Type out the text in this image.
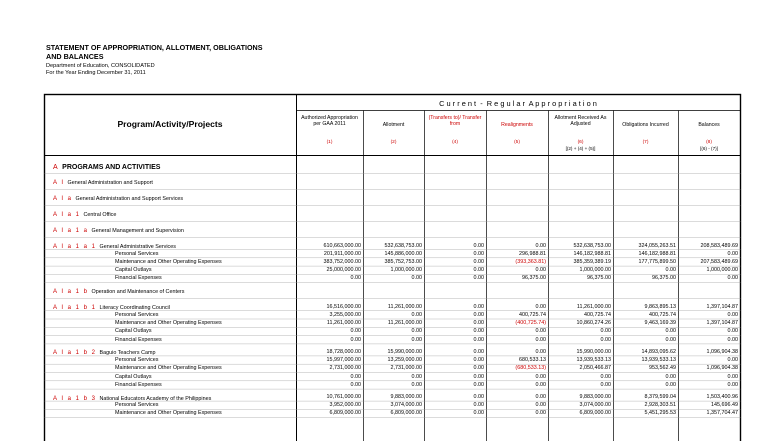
STATEMENT OF APPROPRIATION, ALLOTMENT, OBLIGATIONS
AND BALANCES
Department of Education, CONSOLIDATED
For the Year Ending December 31, 2011
Program/Activity/Projects
C u r r e n t  -  R e g u l a r  A p p r o p r i a t i o n
Authorized Appropriation per GAA 2011
(1)
Allotment
(2)
(Transfers to)/ Transfer from
(4)
Realignments
(5)
Allotment Received As Adjusted
(6)
[(2) + (4) + (5)]
Obligations Incurred
(7)
Balances
(8)
[(6) - (7)]
A PROGRAMS AND ACTIVITIES
A I General Administration and Support
A I a General Administration and Support Services
A I a 1 Central Office
A I a 1 a General Management and Supervision
A I a 1 a 1 General Administrative Services	610,663,000.00	532,638,753.00	0.00	0.00	532,638,753.00	324,055,263.51	208,583,489.69
Personal Services	201,911,000.00	145,886,000.00	0.00	296,988.81	146,182,988.81	146,182,988.81	0.00
Maintenance and Other Operating Expenses	383,752,000.00	385,752,753.00	0.00	(393,363.81)	385,359,389.19	177,775,899.50	207,583,489.69
Capital Outlays	25,000,000.00	1,000,000.00	0.00	0.00	1,000,000.00	0.00	1,000,000.00
Financial Expenses	0.00	0.00	0.00	96,375.00	96,375.00	96,375.00	0.00
A I a 1 b Operation and Maintenance of Centers
A I a 1 b 1 Literacy Coordinating Council	16,516,000.00	11,261,000.00	0.00	0.00	11,261,000.00	9,863,895.13	1,397,104.87
Personal Services	3,255,000.00	0.00	0.00	400,725.74	400,725.74	400,725.74	0.00
Maintenance and Other Operating Expenses	11,261,000.00	11,261,000.00	0.00	(400,725.74)	10,860,274.26	9,463,169.39	1,397,104.87
Capital Outlays	0.00	0.00	0.00	0.00	0.00	0.00	0.00
Financial Expenses	0.00	0.00	0.00	0.00	0.00	0.00	0.00
A I a 1 b 2 Baguio Teachers Camp	18,728,000.00	15,990,000.00	0.00	0.00	15,990,000.00	14,893,095.62	1,096,904.38
Personal Services	15,997,000.00	13,259,000.00	0.00	680,533.13	13,939,533.13	13,939,533.13	0.00
Maintenance and Other Operating Expenses	2,731,000.00	2,731,000.00	0.00	(680,533.13)	2,050,466.87	953,562.49	1,096,904.38
Capital Outlays	0.00	0.00	0.00	0.00	0.00	0.00	0.00
Financial Expenses	0.00	0.00	0.00	0.00	0.00	0.00	0.00
A I a 1 b 3 National Educators Academy of the Philippines	10,761,000.00	9,883,000.00	0.00	0.00	9,883,000.00	8,379,599.04	1,503,400.96
Personal Services	3,952,000.00	3,074,000.00	0.00	0.00	3,074,000.00	2,928,303.51	145,696.49
Maintenance and Other Operating Expenses	6,809,000.00	6,809,000.00	0.00	0.00	6,809,000.00	5,451,295.53	1,357,704.47
